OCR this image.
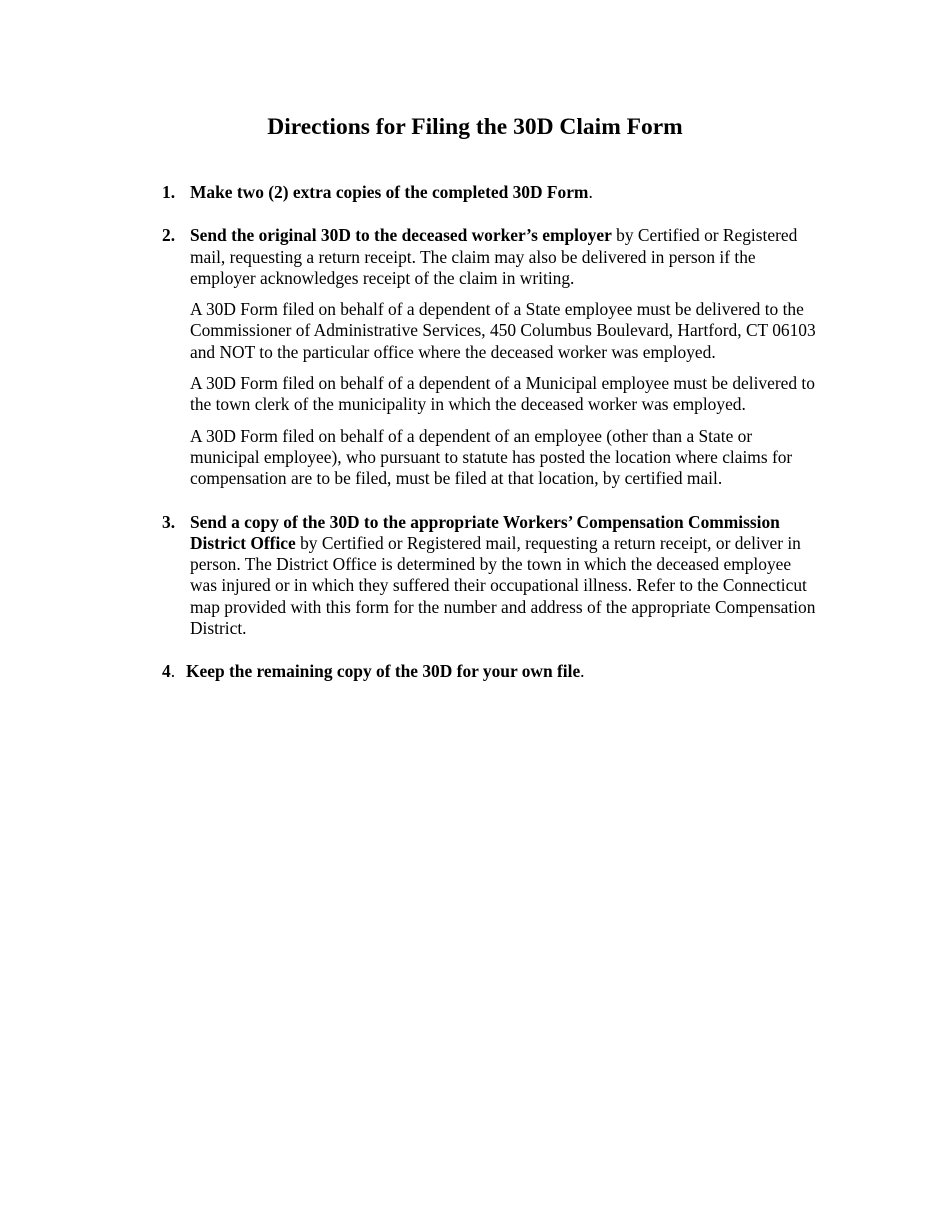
Directions for Filing the 30D Claim Form
1. Make two (2) extra copies of the completed 30D Form.

2. Send the original 30D to the deceased worker’s employer by Certified or Registered mail, requesting a return receipt. The claim may also be delivered in person if the employer acknowledges receipt of the claim in writing.

A 30D Form filed on behalf of a dependent of a State employee must be delivered to the Commissioner of Administrative Services, 450 Columbus Boulevard, Hartford, CT 06103 and NOT to the particular office where the deceased worker was employed.

A 30D Form filed on behalf of a dependent of a Municipal employee must be delivered to the town clerk of the municipality in which the deceased worker was employed.

A 30D Form filed on behalf of a dependent of an employee (other than a State or municipal employee), who pursuant to statute has posted the location where claims for compensation are to be filed, must be filed at that location, by certified mail.

3. Send a copy of the 30D to the appropriate Workers’ Compensation Commission District Office by Certified or Registered mail, requesting a return receipt, or deliver in person. The District Office is determined by the town in which the deceased employee was injured or in which they suffered their occupational illness. Refer to the Connecticut map provided with this form for the number and address of the appropriate Compensation District.

4. Keep the remaining copy of the 30D for your own file.
